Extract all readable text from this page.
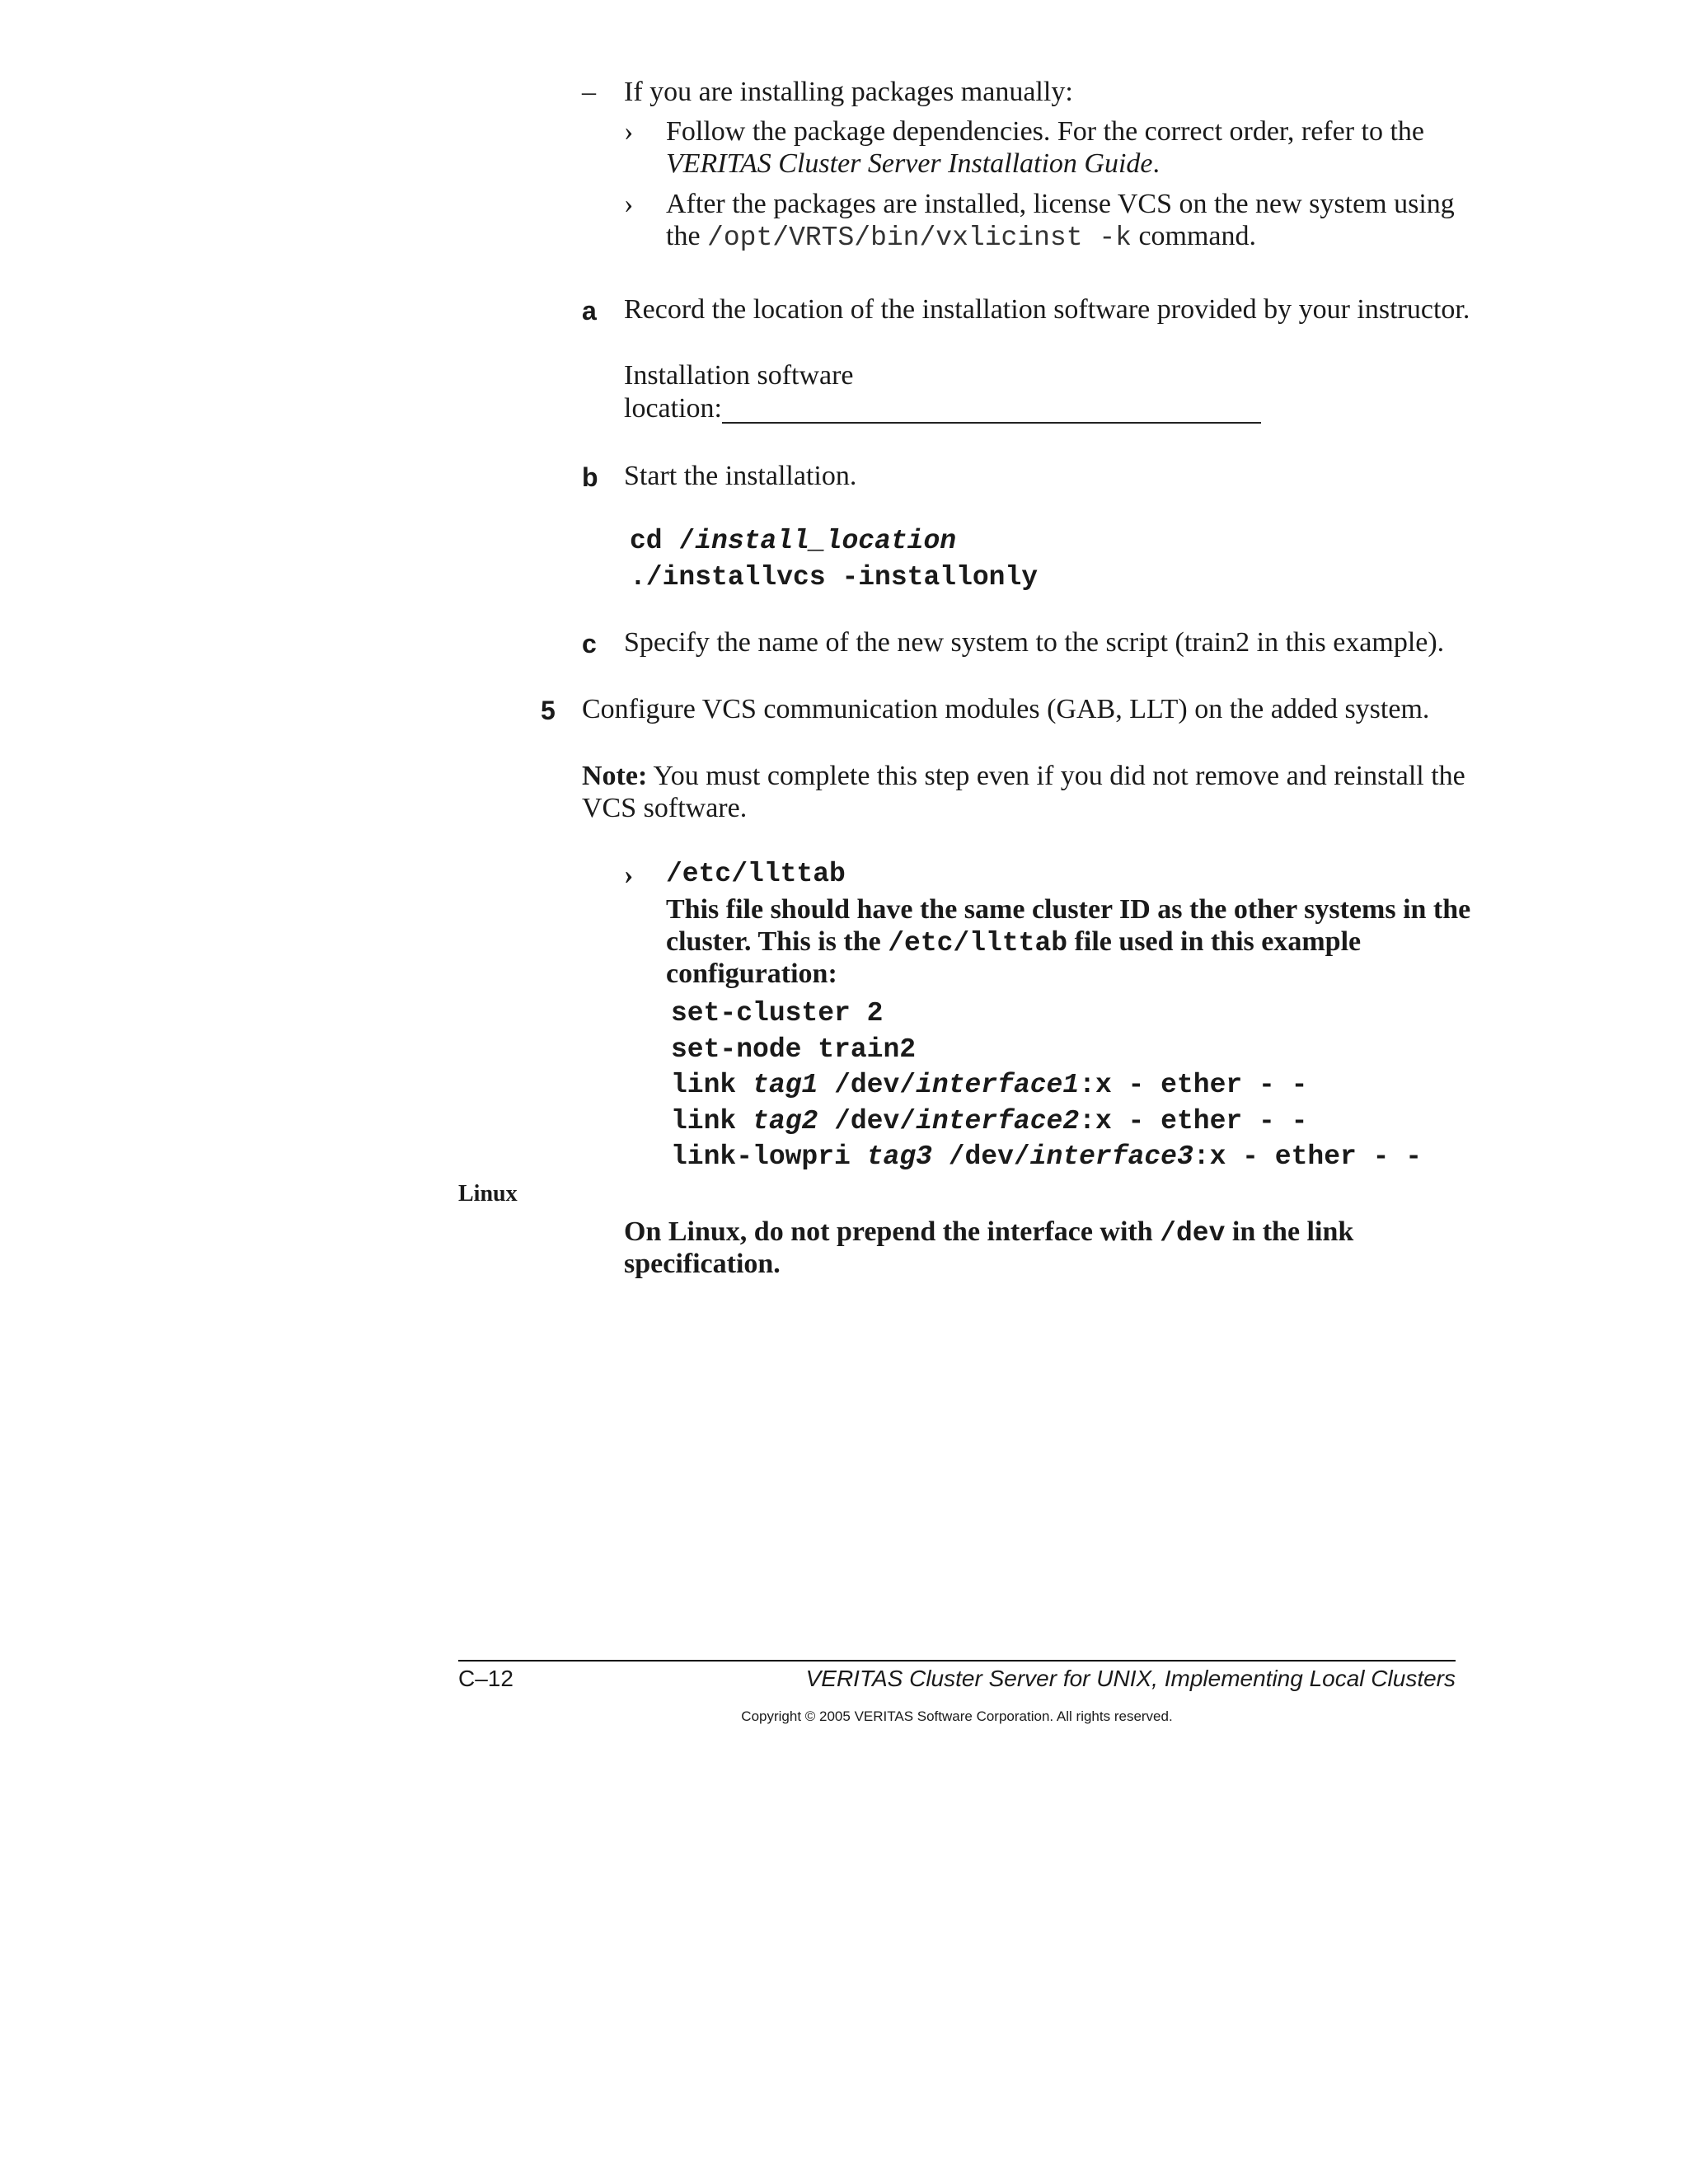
– If you are installing packages manually:
› Follow the package dependencies. For the correct order, refer to the
VERITAS Cluster Server Installation Guide.
› After the packages are installed, license VCS on the new system using
the /opt/VRTS/bin/vxlicinst -k command.
a Record the location of the installation software provided by your instructor.
Installation software
location:
b Start the installation.
cd /install_location
./installvcs -installonly
c Specify the name of the new system to the script (train2 in this example).
5 Configure VCS communication modules (GAB, LLT) on the added system.
Note: You must complete this step even if you did not remove and reinstall the
VCS software.
› /etc/llttab
This file should have the same cluster ID as the other systems in the
cluster. This is the /etc/llttab file used in this example
configuration:
set-cluster 2
set-node train2
link tag1 /dev/interface1:x - ether - -
link tag2 /dev/interface2:x - ether - -
link-lowpri tag3 /dev/interface3:x - ether - -
Linux
On Linux, do not prepend the interface with /dev in the link
specification.
C–12	VERITAS Cluster Server for UNIX, Implementing Local Clusters
Copyright © 2005 VERITAS Software Corporation. All rights reserved.
